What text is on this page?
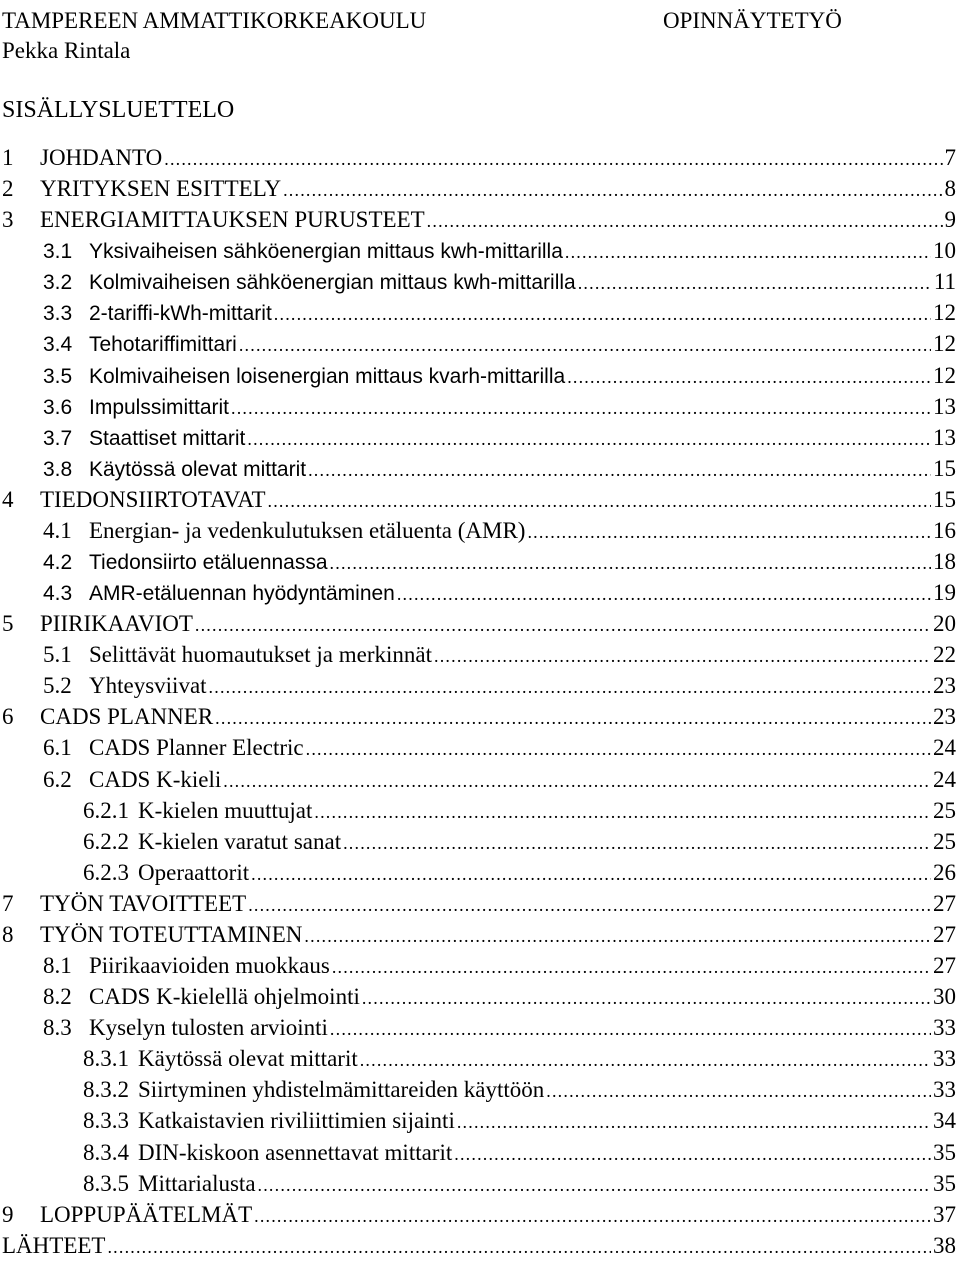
TAMPEREEN AMMATTIKORKEAKOULU	OPINNÄYTETYÖ
Pekka Rintala
SISÄLLYSLUETTELO
1	JOHDANTO .....	7
2	YRITYKSEN ESITTELY .....	8
3	ENERGIAMITTAUKSEN PURUSTEET .....	9
3.1 Yksivaiheisen sähköenergian mittaus kwh-mittarilla .....	10
3.2 Kolmivaiheisen sähköenergian mittaus kwh-mittarilla .....	11
3.3 2-tariffi-kWh-mittarit .....	12
3.4 Tehotariffimittari .....	12
3.5 Kolmivaiheisen loisenergian mittaus kvarh-mittarilla .....	12
3.6 Impulssimittarit .....	13
3.7 Staattiset mittarit .....	13
3.8 Käytössä olevat mittarit .....	15
4	TIEDONSIIRTOTAVAT .....	15
4.1 Energian- ja vedenkulutuksen etäluenta (AMR) .....	16
4.2 Tiedonsiirto etäluennassa .....	18
4.3 AMR-etäluennan hyödyntäminen .....	19
5	PIIRIKAAVIOT .....	20
5.1 Selittävät huomautukset ja merkinnät .....	22
5.2 Yhteysviivat .....	23
6	CADS PLANNER .....	23
6.1 CADS Planner Electric .....	24
6.2 CADS K-kieli .....	24
6.2.1 K-kielen muuttujat .....	25
6.2.2 K-kielen varatut sanat .....	25
6.2.3 Operaattorit .....	26
7	TYÖN TAVOITTEET .....	27
8	TYÖN TOTEUTTAMINEN .....	27
8.1 Piirikaavioiden muokkaus .....	27
8.2 CADS K-kielellä ohjelmointi .....	30
8.3 Kyselyn tulosten arviointi .....	33
8.3.1 Käytössä olevat mittarit .....	33
8.3.2 Siirtyminen yhdistelmämittareiden käyttöön .....	33
8.3.3 Katkaistavien riviliittimien sijainti .....	34
8.3.4 DIN-kiskoon asennettavat mittarit .....	35
8.3.5 Mittarialusta .....	35
9	LOPPUPÄÄTELMÄT .....	37
LÄHTEET .....	38
